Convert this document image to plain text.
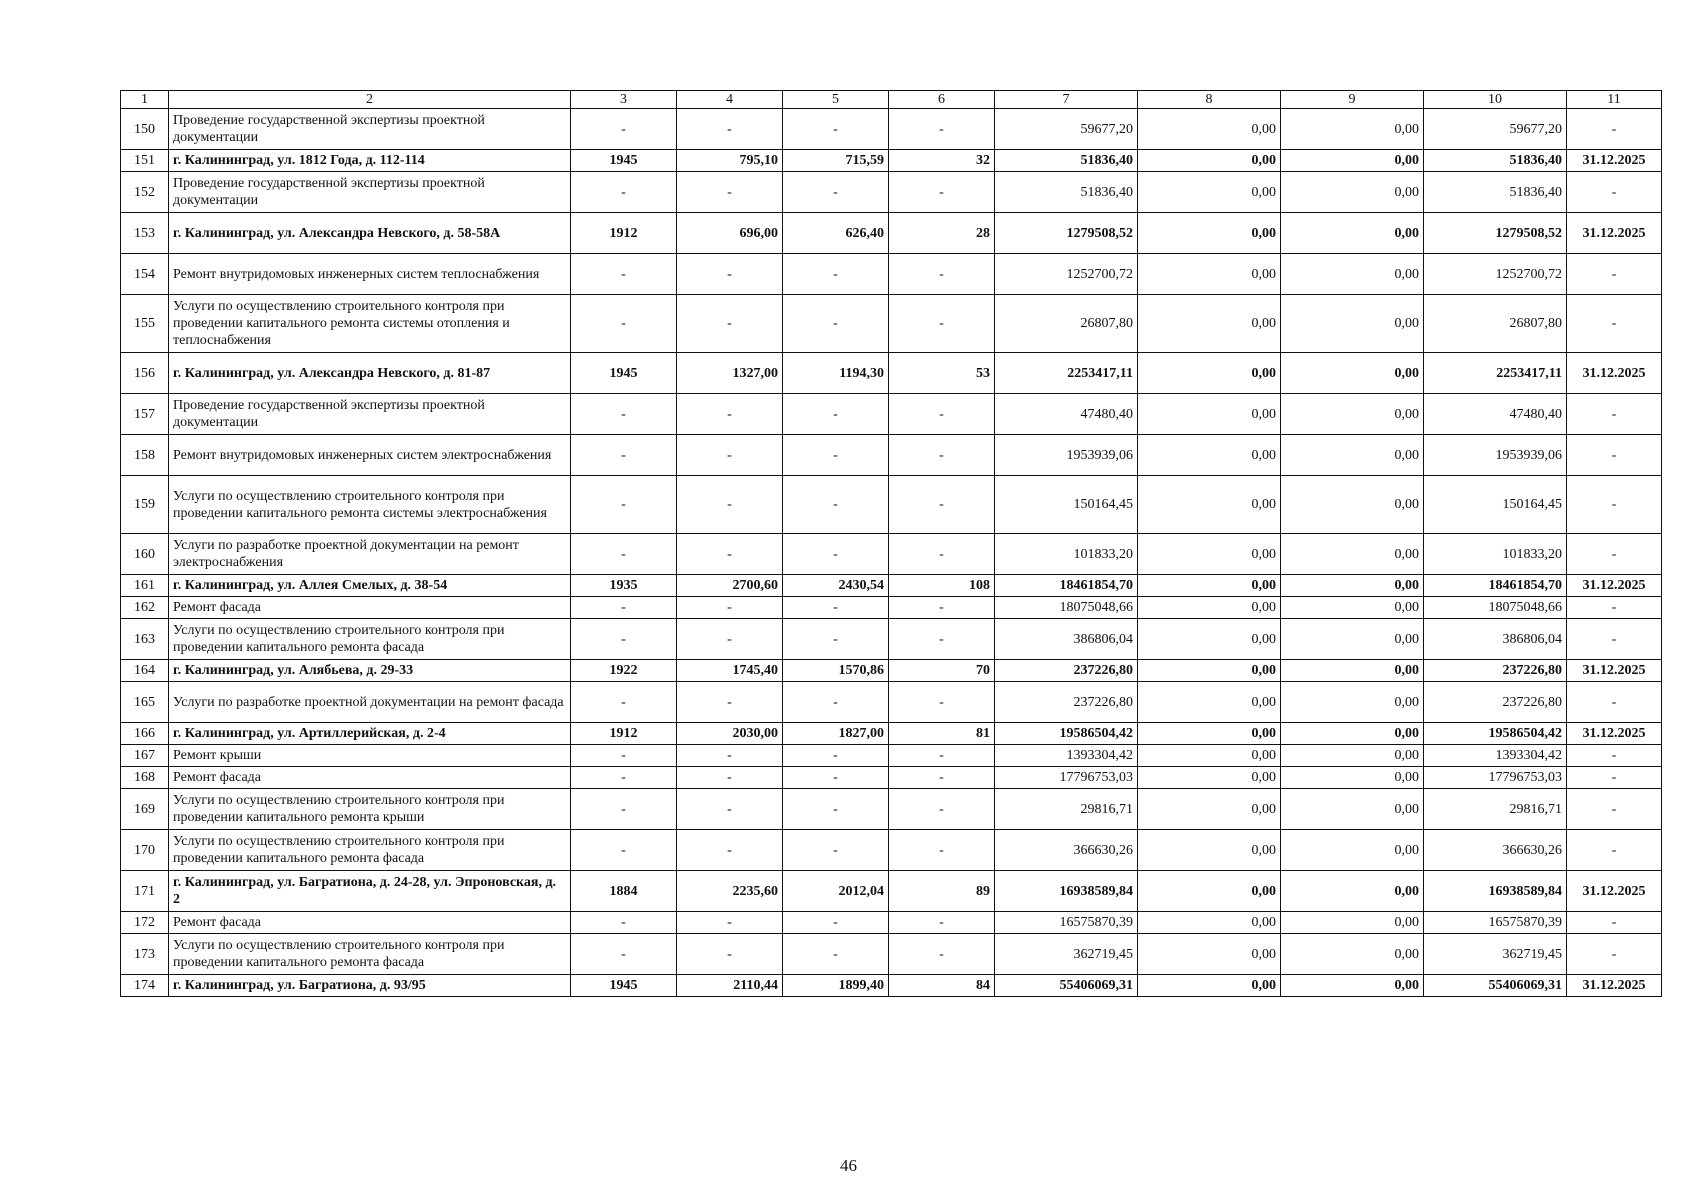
1	2	3	4	5	6	7	8	9	10	11
150	Проведение государственной экспертизы проектной документации	-	-	-	-	59677,20	0,00	0,00	59677,20	-
151	г. Калининград, ул. 1812 Года, д. 112-114	1945	795,10	715,59	32	51836,40	0,00	0,00	51836,40	31.12.2025
152	Проведение государственной экспертизы проектной документации	-	-	-	-	51836,40	0,00	0,00	51836,40	-
153	г. Калининград, ул. Александра Невского, д. 58-58А	1912	696,00	626,40	28	1279508,52	0,00	0,00	1279508,52	31.12.2025
154	Ремонт внутридомовых инженерных систем теплоснабжения	-	-	-	-	1252700,72	0,00	0,00	1252700,72	-
155	Услуги по осуществлению строительного контроля при проведении капитального ремонта системы отопления и теплоснабжения	-	-	-	-	26807,80	0,00	0,00	26807,80	-
156	г. Калининград, ул. Александра Невского, д. 81-87	1945	1327,00	1194,30	53	2253417,11	0,00	0,00	2253417,11	31.12.2025
157	Проведение государственной экспертизы проектной документации	-	-	-	-	47480,40	0,00	0,00	47480,40	-
158	Ремонт внутридомовых инженерных систем электроснабжения	-	-	-	-	1953939,06	0,00	0,00	1953939,06	-
159	Услуги по осуществлению строительного контроля при проведении капитального ремонта системы электроснабжения	-	-	-	-	150164,45	0,00	0,00	150164,45	-
160	Услуги по разработке проектной документации на ремонт электроснабжения	-	-	-	-	101833,20	0,00	0,00	101833,20	-
161	г. Калининград, ул. Аллея Смелых, д. 38-54	1935	2700,60	2430,54	108	18461854,70	0,00	0,00	18461854,70	31.12.2025
162	Ремонт фасада	-	-	-	-	18075048,66	0,00	0,00	18075048,66	-
163	Услуги по осуществлению строительного контроля при проведении капитального ремонта фасада	-	-	-	-	386806,04	0,00	0,00	386806,04	-
164	г. Калининград, ул. Алябьева, д. 29-33	1922	1745,40	1570,86	70	237226,80	0,00	0,00	237226,80	31.12.2025
165	Услуги по разработке проектной документации на ремонт фасада	-	-	-	-	237226,80	0,00	0,00	237226,80	-
166	г. Калининград, ул. Артиллерийская, д. 2-4	1912	2030,00	1827,00	81	19586504,42	0,00	0,00	19586504,42	31.12.2025
167	Ремонт крыши	-	-	-	-	1393304,42	0,00	0,00	1393304,42	-
168	Ремонт фасада	-	-	-	-	17796753,03	0,00	0,00	17796753,03	-
169	Услуги по осуществлению строительного контроля при проведении капитального ремонта крыши	-	-	-	-	29816,71	0,00	0,00	29816,71	-
170	Услуги по осуществлению строительного контроля при проведении капитального ремонта фасада	-	-	-	-	366630,26	0,00	0,00	366630,26	-
171	г. Калининград, ул. Багратиона, д. 24-28, ул. Эпроновская, д. 2	1884	2235,60	2012,04	89	16938589,84	0,00	0,00	16938589,84	31.12.2025
172	Ремонт фасада	-	-	-	-	16575870,39	0,00	0,00	16575870,39	-
173	Услуги по осуществлению строительного контроля при проведении капитального ремонта фасада	-	-	-	-	362719,45	0,00	0,00	362719,45	-
174	г. Калининград, ул. Багратиона, д. 93/95	1945	2110,44	1899,40	84	55406069,31	0,00	0,00	55406069,31	31.12.2025
46
